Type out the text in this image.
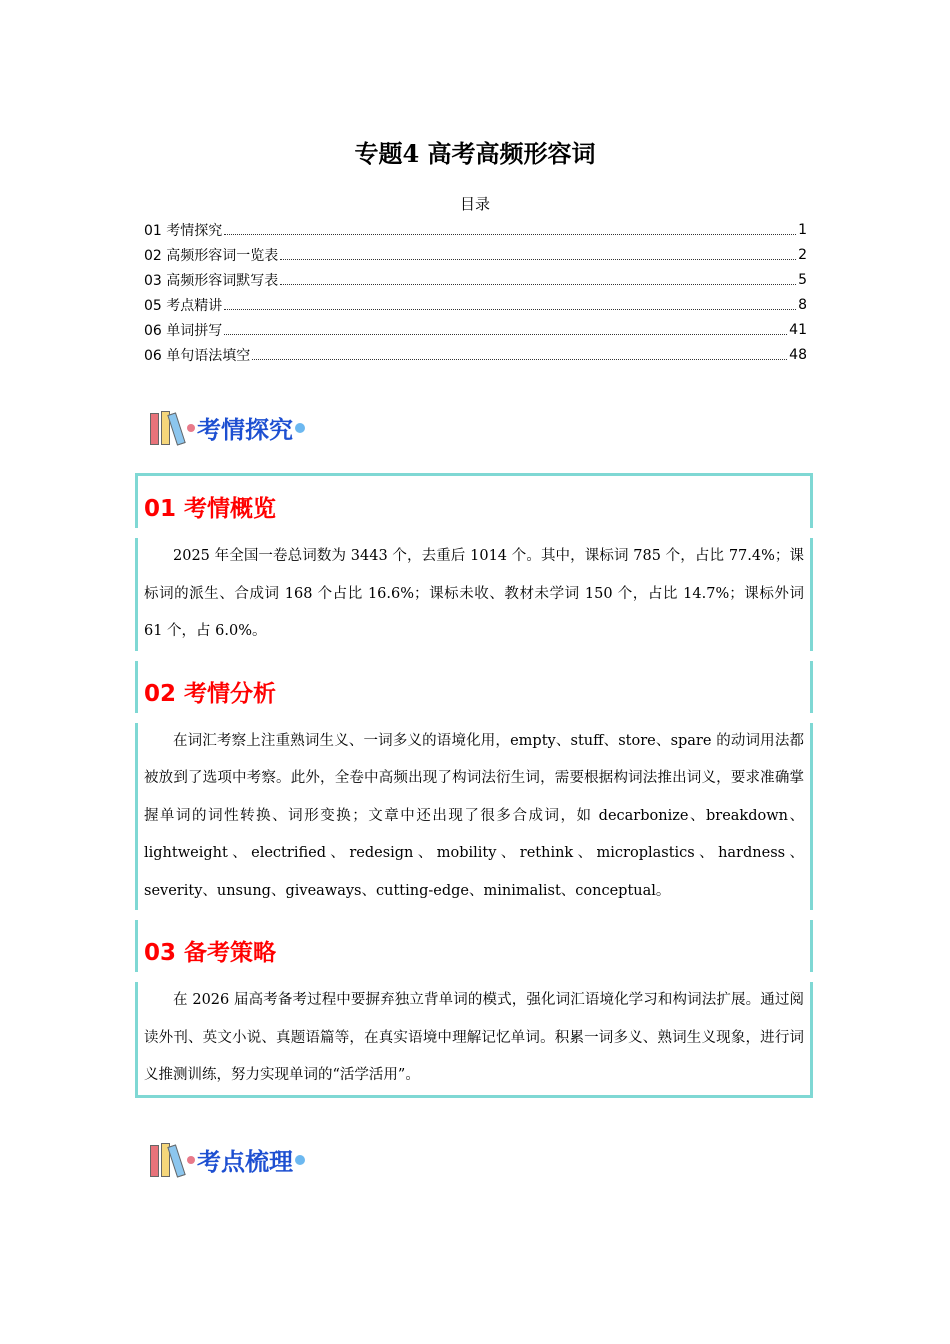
专题4 高考高频形容词
目录
01 考情探究	1
02 高频形容词一览表	2
03 高频形容词默写表	5
05 考点精讲	8
06 单词拼写	41
06 单句语法填空	48
考情探究
01 考情概览
2025 年全国一卷总词数为 3443 个，去重后 1014 个。其中，课标词 785 个，占比 77.4%；课标词的派生、合成词 168 个占比 16.6%；课标未收、教材未学词 150 个，占比 14.7%；课标外词 61 个，占 6.0%。
02 考情分析
在词汇考察上注重熟词生义、一词多义的语境化用，empty、stuff、store、spare 的动词用法都被放到了选项中考察。此外，全卷中高频出现了构词法衍生词，需要根据构词法推出词义，要求准确掌握单词的词性转换、词形变换；文章中还出现了很多合成词，如 decarbonize、breakdown、lightweight、electrified、redesign、mobility、rethink、microplastics、hardness、severity、unsung、giveaways、cutting-edge、minimalist、conceptual。
03 备考策略
在 2026 届高考备考过程中要摒弃独立背单词的模式，强化词汇语境化学习和构词法扩展。通过阅读外刊、英文小说、真题语篇等，在真实语境中理解记忆单词。积累一词多义、熟词生义现象，进行词义推测训练，努力实现单词的“活学活用”。
考点梳理
